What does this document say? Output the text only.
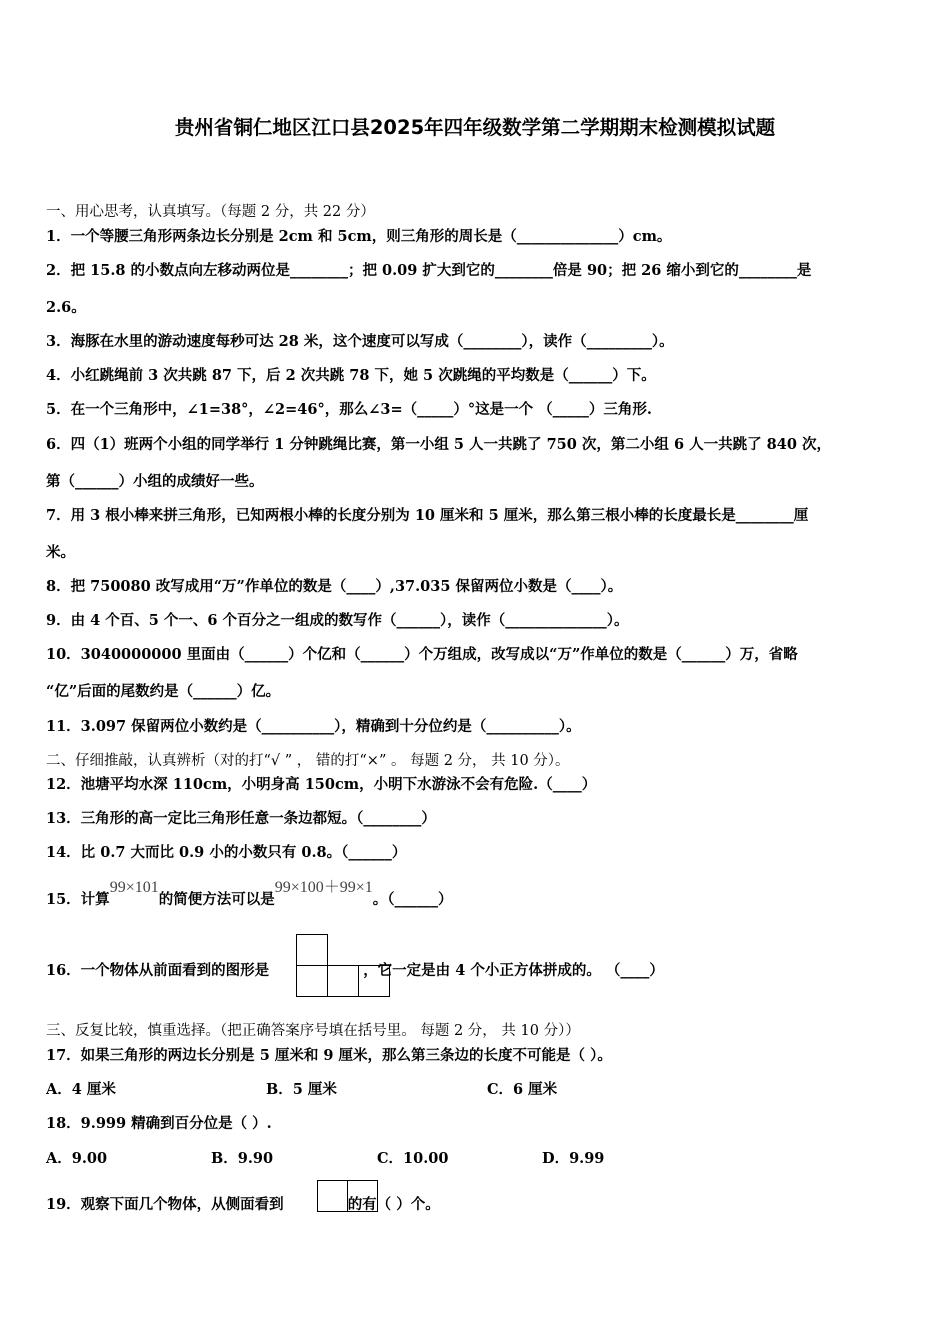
贵州省铜仁地区江口县2025年四年级数学第二学期期末检测模拟试题
一、用心思考，认真填写。（每题 2 分，共 22 分）
1．一个等腰三角形两条边长分别是 2cm 和 5cm，则三角形的周长是（______________）cm。
2．把 15.8 的小数点向左移动两位是________；把 0.09 扩大到它的________倍是 90；把 26 缩小到它的________是
2.6。
3．海豚在水里的游动速度每秒可达 28 米，这个速度可以写成（________），读作（_________）。
4．小红跳绳前 3 次共跳 87 下，后 2 次共跳 78 下，她 5 次跳绳的平均数是（______）下。
5．在一个三角形中，∠1=38°，∠2=46°，那么∠3=（_____）°这是一个 （_____）三角形.
6．四（1）班两个小组的同学举行 1 分钟跳绳比赛，第一小组 5 人一共跳了 750 次，第二小组 6 人一共跳了 840 次，
第（______）小组的成绩好一些。
7．用 3 根小棒来拼三角形，已知两根小棒的长度分别为 10 厘米和 5 厘米，那么第三根小棒的长度最长是________厘
米。
8．把 750080 改写成用“万”作单位的数是（____）,37.035 保留两位小数是（____）。
9．由 4 个百、5 个一、6 个百分之一组成的数写作（______），读作（______________）。
10．3040000000 里面由（______）个亿和（______）个万组成，改写成以“万”作单位的数是（______）万，省略
“亿”后面的尾数约是（______）亿。
11．3.097 保留两位小数约是（__________），精确到十分位约是（__________）。
二、仔细推敲，认真辨析（对的打“√ ” ， 错的打“×” 。 每题 2 分， 共 10 分）。
12．池塘平均水深 110cm，小明身高 150cm，小明下水游泳不会有危险.（____）
13．三角形的高一定比三角形任意一条边都短。（________）
14．比 0.7 大而比 0.9 小的小数只有 0.8。（______）
15．计算99×101的简便方法可以是99×100＋99×1。（______）
16．一个物体从前面看到的图形是	，它一定是由 4 个小正方体拼成的。 （____）
三、反复比较，慎重选择。（把正确答案序号填在括号里。 每题 2 分， 共 10 分））
17．如果三角形的两边长分别是 5 厘米和 9 厘米，那么第三条边的长度不可能是（ ）。
A．4 厘米	B．5 厘米	C．6 厘米
18．9.999 精确到百分位是（ ）.
A．9.00	B．9.90	C．10.00	D．9.99
19．观察下面几个物体，从侧面看到	的有（ ）个。
